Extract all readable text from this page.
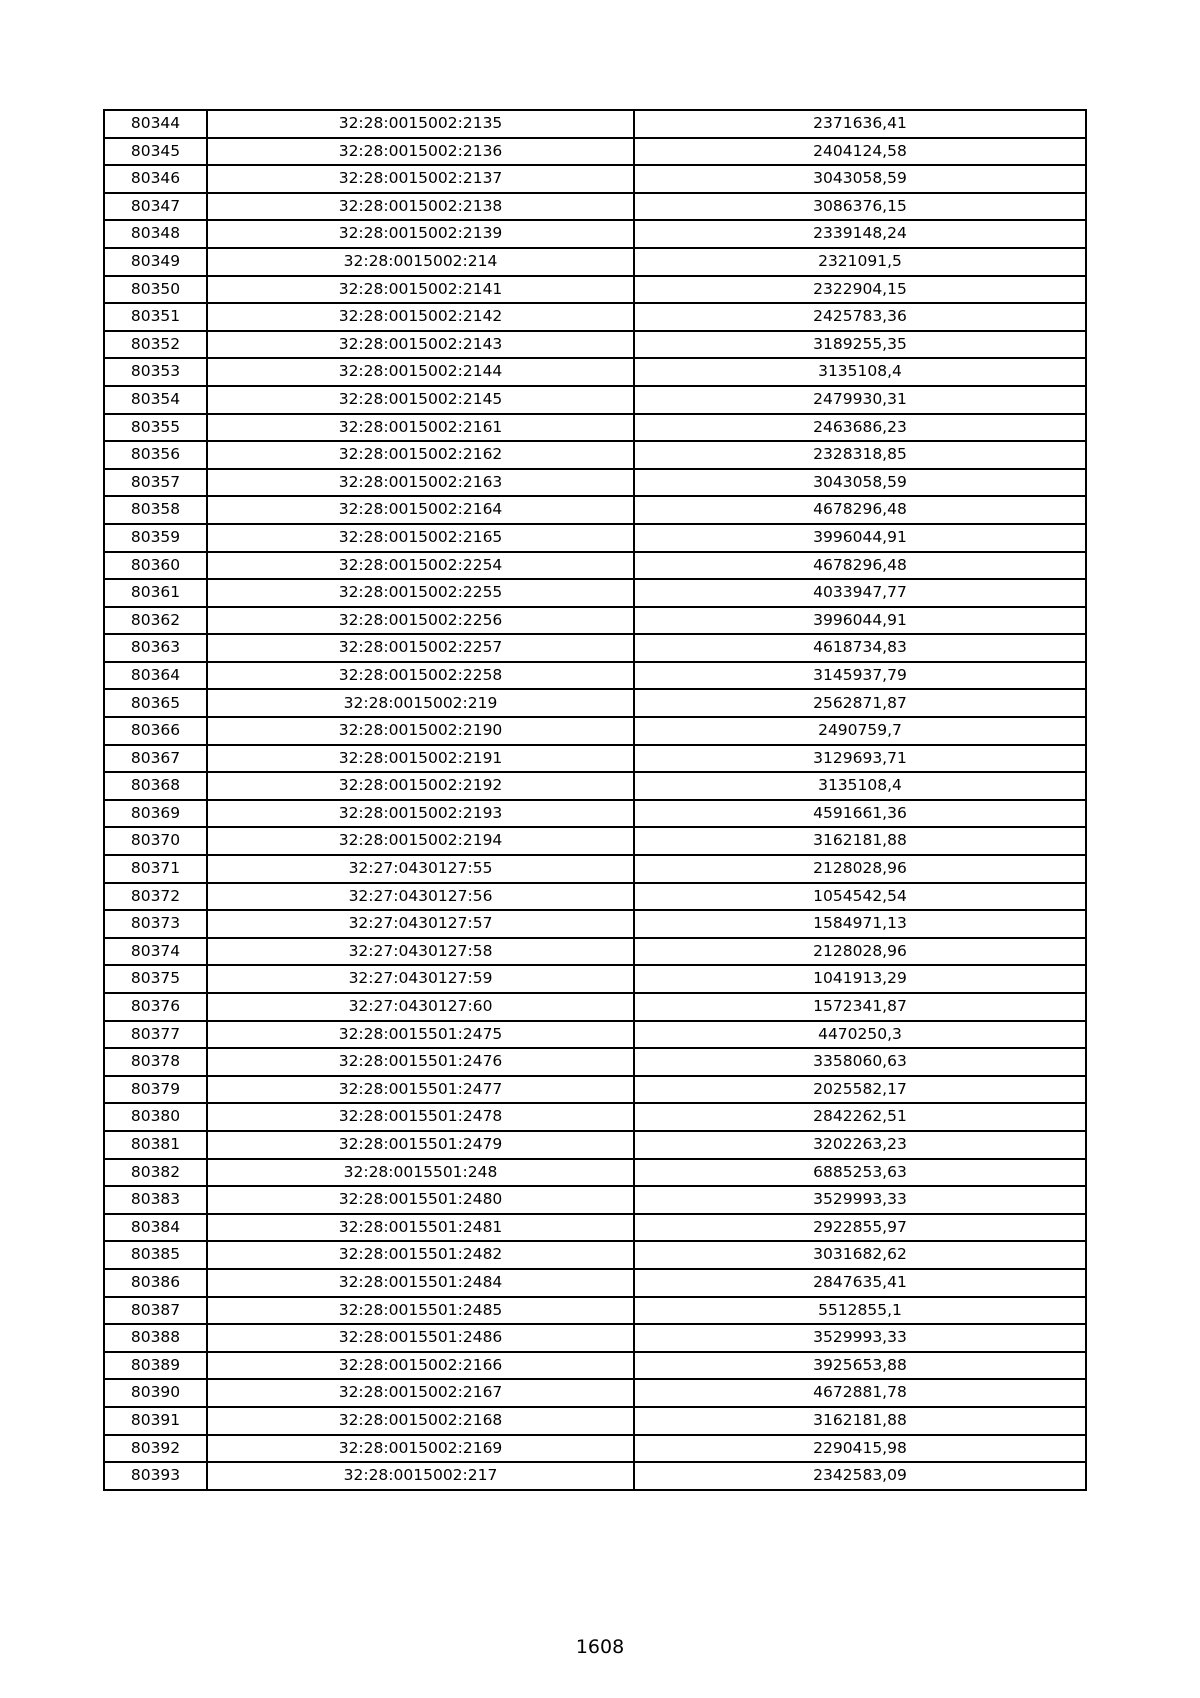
80344	32:28:0015002:2135	2371636,41
80345	32:28:0015002:2136	2404124,58
80346	32:28:0015002:2137	3043058,59
80347	32:28:0015002:2138	3086376,15
80348	32:28:0015002:2139	2339148,24
80349	32:28:0015002:214	2321091,5
80350	32:28:0015002:2141	2322904,15
80351	32:28:0015002:2142	2425783,36
80352	32:28:0015002:2143	3189255,35
80353	32:28:0015002:2144	3135108,4
80354	32:28:0015002:2145	2479930,31
80355	32:28:0015002:2161	2463686,23
80356	32:28:0015002:2162	2328318,85
80357	32:28:0015002:2163	3043058,59
80358	32:28:0015002:2164	4678296,48
80359	32:28:0015002:2165	3996044,91
80360	32:28:0015002:2254	4678296,48
80361	32:28:0015002:2255	4033947,77
80362	32:28:0015002:2256	3996044,91
80363	32:28:0015002:2257	4618734,83
80364	32:28:0015002:2258	3145937,79
80365	32:28:0015002:219	2562871,87
80366	32:28:0015002:2190	2490759,7
80367	32:28:0015002:2191	3129693,71
80368	32:28:0015002:2192	3135108,4
80369	32:28:0015002:2193	4591661,36
80370	32:28:0015002:2194	3162181,88
80371	32:27:0430127:55	2128028,96
80372	32:27:0430127:56	1054542,54
80373	32:27:0430127:57	1584971,13
80374	32:27:0430127:58	2128028,96
80375	32:27:0430127:59	1041913,29
80376	32:27:0430127:60	1572341,87
80377	32:28:0015501:2475	4470250,3
80378	32:28:0015501:2476	3358060,63
80379	32:28:0015501:2477	2025582,17
80380	32:28:0015501:2478	2842262,51
80381	32:28:0015501:2479	3202263,23
80382	32:28:0015501:248	6885253,63
80383	32:28:0015501:2480	3529993,33
80384	32:28:0015501:2481	2922855,97
80385	32:28:0015501:2482	3031682,62
80386	32:28:0015501:2484	2847635,41
80387	32:28:0015501:2485	5512855,1
80388	32:28:0015501:2486	3529993,33
80389	32:28:0015002:2166	3925653,88
80390	32:28:0015002:2167	4672881,78
80391	32:28:0015002:2168	3162181,88
80392	32:28:0015002:2169	2290415,98
80393	32:28:0015002:217	2342583,09
1608
